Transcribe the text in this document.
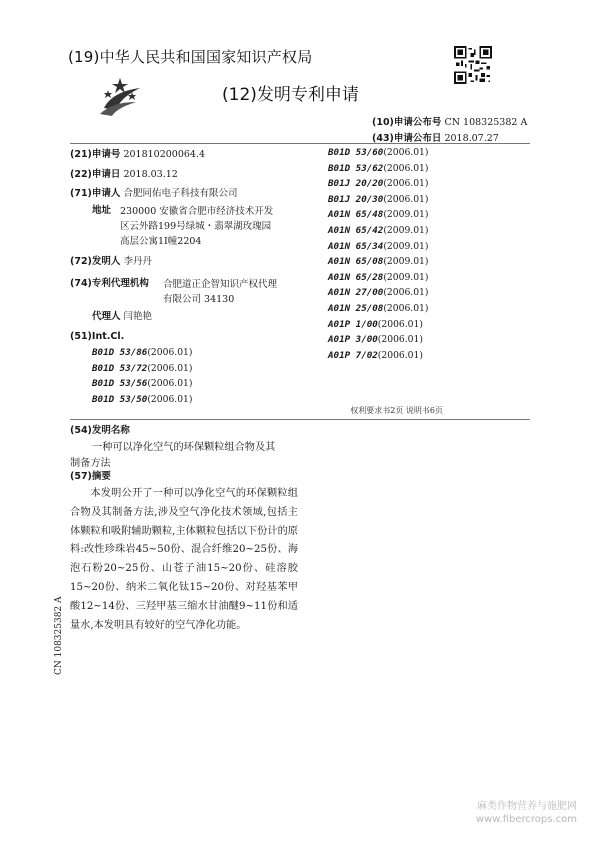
(19)中华人民共和国国家知识产权局
(12)发明专利申请
(10)申请公布号 CN 108325382 A
(43)申请公布日 2018.07.27
(21)申请号 201810200064.4
(22)申请日 2018.03.12
(71)申请人 合肥同佑电子科技有限公司
地址 230000 安徽省合肥市经济技术开发
区云外路199号绿城・翡翠湖玫瑰园
高层公寓1I幢2204
(72)发明人 李丹丹
(74)专利代理机构 合肥道正企智知识产权代理
有限公司 34130
代理人 闫艳艳
(51)Int.Cl.
B01D 53/86(2006.01)
B01D 53/72(2006.01)
B01D 53/56(2006.01)
B01D 53/50(2006.01)
B01D 53/60(2006.01)
B01D 53/62(2006.01)
B01J 20/20(2006.01)
B01J 20/30(2006.01)
A01N 65/48(2009.01)
A01N 65/42(2009.01)
A01N 65/34(2009.01)
A01N 65/08(2009.01)
A01N 65/28(2009.01)
A01N 27/00(2006.01)
A01N 25/08(2006.01)
A01P 1/00(2006.01)
A01P 3/00(2006.01)
A01P 7/02(2006.01)
权利要求书2页 说明书6页
(54)发明名称
一种可以净化空气的环保颗粒组合物及其
制备方法
(57)摘要
本发明公开了一种可以净化空气的环保颗粒组合物及其制备方法,涉及空气净化技术领域,包括主体颗粒和吸附辅助颗粒,主体颗粒包括以下份计的原料:改性珍珠岩45~50份、混合纤维20~25份、海泡石粉20~25份、山苍子油15~20份、硅溶胶15~20份、纳米二氧化钛15~20份、对羟基苯甲酸12~14份、三羟甲基三缩水甘油醚9~11份和适量水,本发明具有较好的空气净化功能。
CN 108325382 A
麻类作物营养与施肥网
www.fibercrops.com
